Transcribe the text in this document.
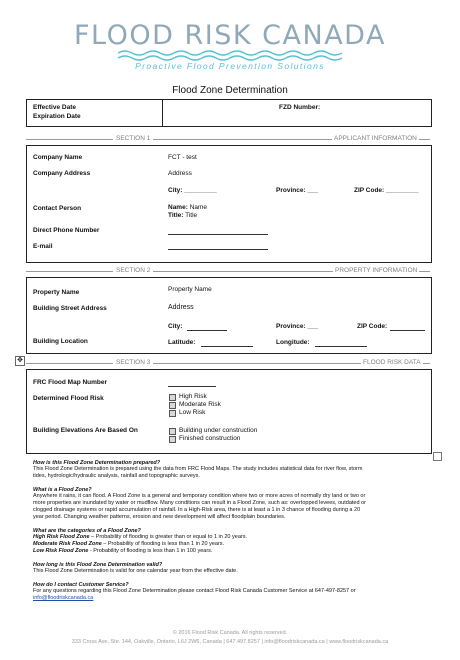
FLOOD RISK CANADA
Proactive Flood Prevention Solutions
Flood Zone Determination
Effective Date
Expiration Date
FZD Number:
SECTION 1	APPLICANT INFORMATION
Company Name	FCT - test
Company Address	Address
City: _________	Province: ___	ZIP Code: _________
Contact Person	Name: Name
Title: Title
Direct Phone Number
E-mail
SECTION 2	PROPERTY INFORMATION
Property Name	Property Name
Building Street Address	Address
City:	Province: ___	ZIP Code:
Building Location	Latitude:	Longitude:
✥	SECTION 3	FLOOD RISK DATA
FRC Flood Map Number
Determined Flood Risk	High Risk
Moderate Risk
Low Risk
Building Elevations Are Based On	Building under construction
Finished construction
How is this Flood Zone Determination prepared?
This Flood Zone Determination is prepared using the data from FRC Flood Maps. The study includes statistical data for river flow, storm
tides, hydrologic/hydraulic analysis, rainfall and topographic surveys.
What is a Flood Zone?
Anywhere it rains, it can flood. A Flood Zone is a general and temporary condition where two or more acres of normally dry land or two or
more properties are inundated by water or mudflow. Many conditions can result in a Flood Zone, such as: overtopped levees, outdated or
clogged drainage systems or rapid accumulation of rainfall. In a High-Risk area, there is at least a 1 in 3 chance of flooding during a 20
year period. Changing weather patterns, erosion and new development will affect floodplain boundaries.
What are the categories of a Flood Zone?
High Risk Flood Zone – Probability of flooding is greater than or equal to 1 in 20 years.
Moderate Risk Flood Zone – Probability of flooding is less than 1 in 20 years.
Low Risk Flood Zone - Probability of flooding is less than 1 in 100 years.
How long is this Flood Zone Determination valid?
This Flood Zone Determination is valid for one calendar year from the effective date.
How do I contact Customer Service?
For any questions regarding this Flood Zone Determination please contact Flood Risk Canada Customer Service at 647-497-8257 or
info@floodriskcanada.ca
© 2016 Flood Risk Canada. All rights reserved.
333 Cross Ave, Ste. 144, Oakville, Ontario, L6J 2W6, Canada | 647.497.8257 | info@floodriskcanada.ca | www.floodriskcanada.ca
